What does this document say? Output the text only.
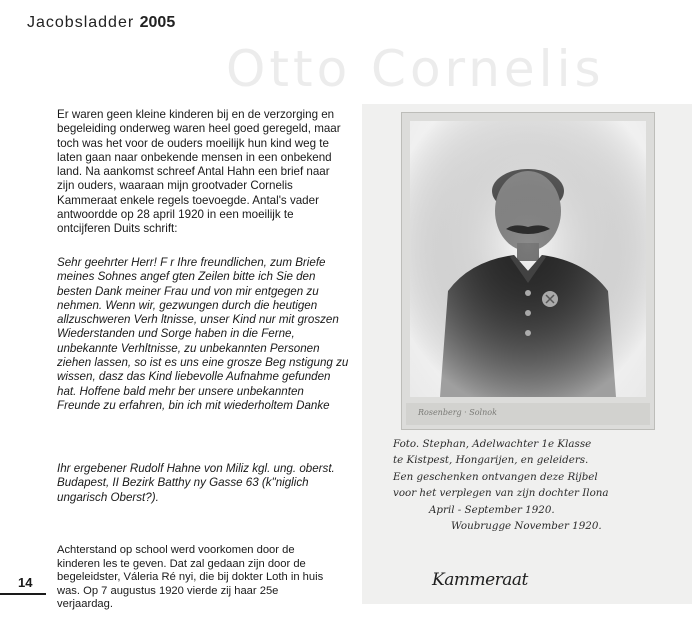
Jacobsladder 2005
Otto Cornelis
Er waren geen kleine kinderen bij en de verzorging en begeleiding onderweg waren heel goed geregeld, maar toch was het voor de ouders moeilijk hun kind weg te laten gaan naar onbekende mensen in een onbekend land. Na aankomst schreef Antal Hahn een brief naar zijn ouders, waaraan mijn grootvader Cornelis Kammeraat enkele regels toevoegde. Antal's vader antwoordde op 28 april 1920 in een moeilijk te ontcijferen Duits schrift:
Sehr geehrter Herr! F r Ihre freundlichen, zum Briefe meines Sohnes angef gten Zeilen bitte ich Sie den besten Dank meiner Frau und von mir entgegen zu nehmen. Wenn wir, gezwungen durch die heutigen allzuschweren Verh ltnisse, unser Kind nur mit groszen Wiederstanden und Sorge haben in die Ferne, unbekannte Verhltnisse, zu unbekannten Personen ziehen lassen, so ist es uns eine grosze Beg nstigung zu wissen, dasz das Kind liebevolle Aufnahme gefunden hat. Hoffene bald mehr ber unsere unbekannten Freunde zu erfahren, bin ich mit wiederholtem Danke
Ihr ergebener Rudolf Hahne von Miliz kgl. ung. oberst. Budapest, II Bezirk Batthy ny Gasse 63 (k"niglich ungarisch Oberst?).
Achterstand op school werd voorkomen door de kinderen les te geven. Dat zal gedaan zijn door de begeleidster, Váleria Ré nyi, die bij dokter Loth in huis was. Op 7 augustus 1920 vierde zij haar 25e verjaardag.
14
Rosenberg · Solnok
Foto. Stephan, Adelwachter 1e Klasse
te Kistpest, Hongarijen, en geleiders.
Een geschenken ontvangen deze Rijbel
voor het verplegen van zijn dochter Ilona
April - September 1920.
Woubrugge November 1920.
Kammeraat
